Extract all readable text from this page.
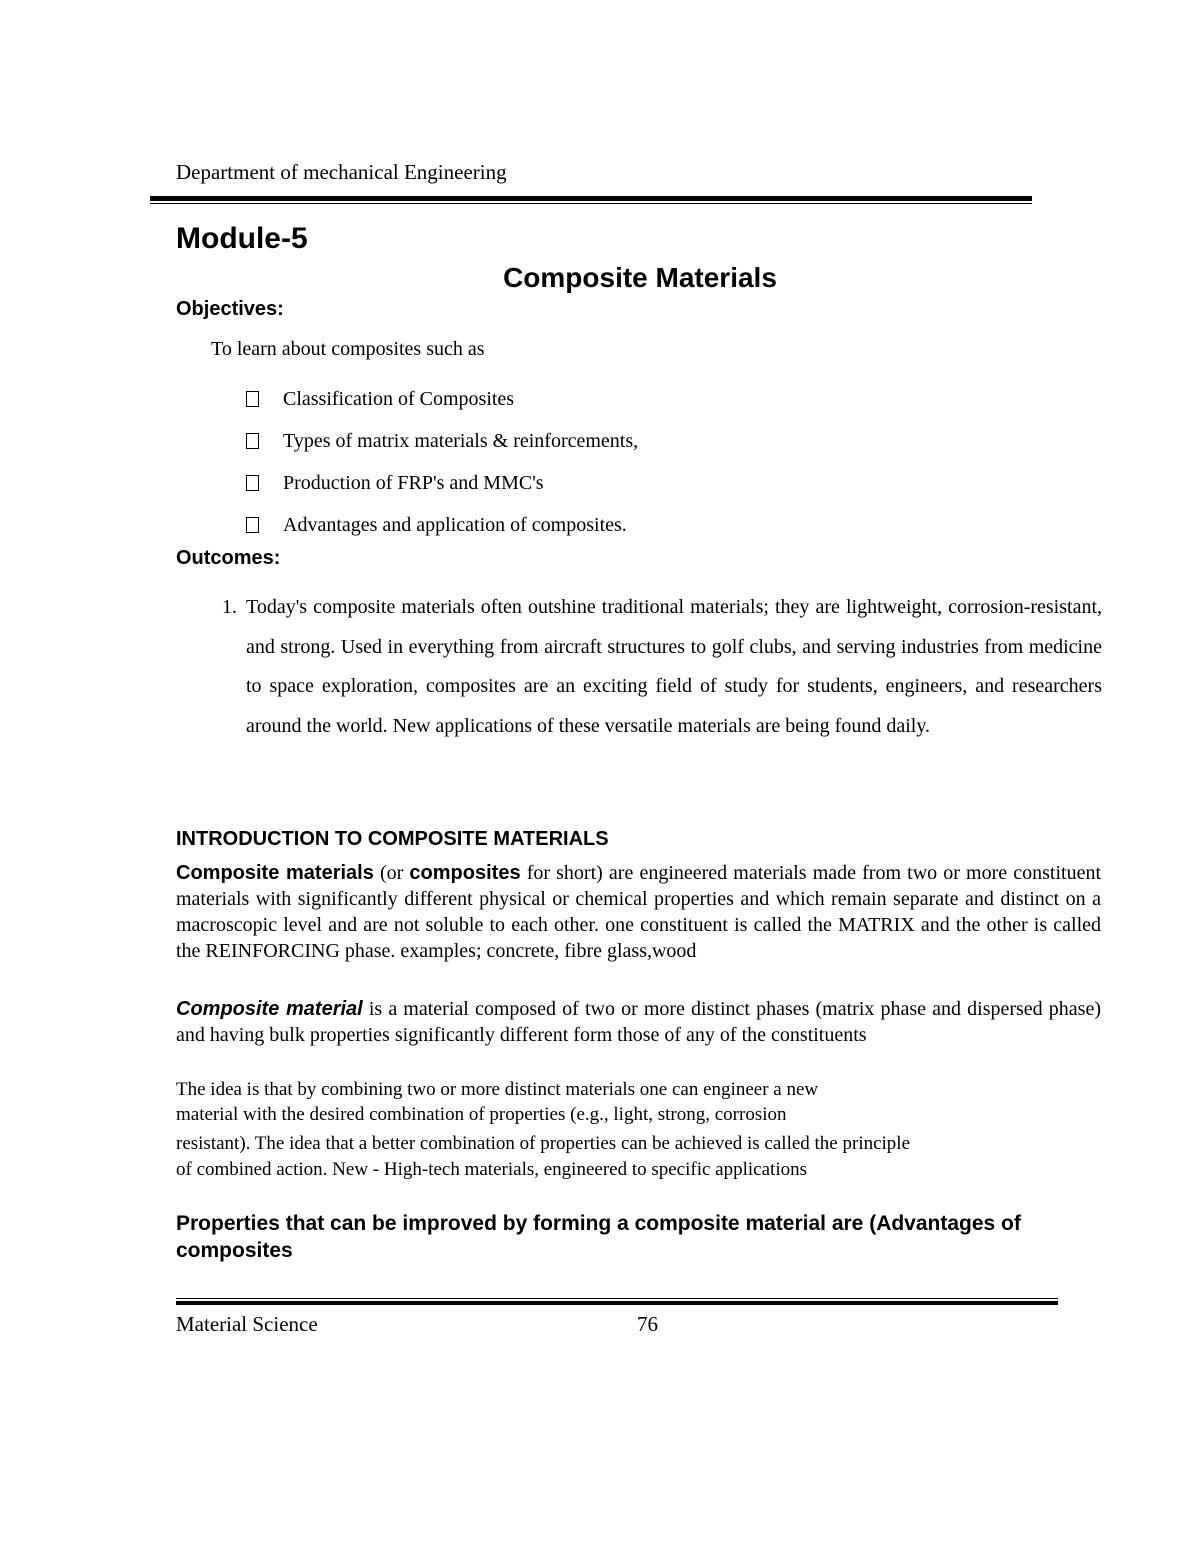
Department of mechanical Engineering

Module-5
Composite Materials
Objectives:

To learn about composites such as

Classification of Composites
Types of matrix materials & reinforcements,
Production of FRP's and MMC's
Advantages and application of composites.
Outcomes:
1. Today's composite materials often outshine traditional materials; they are lightweight, corrosion-resistant, and strong. Used in everything from aircraft structures to golf clubs, and serving industries from medicine to space exploration, composites are an exciting field of study for students, engineers, and researchers around the world. New applications of these versatile materials are being found daily.
INTRODUCTION TO COMPOSITE MATERIALS

Composite materials (or composites for short) are engineered materials made from two or more constituent materials with significantly different physical or chemical properties and which remain separate and distinct on a macroscopic level and are not soluble to each other. one constituent is called the MATRIX and the other is called the REINFORCING phase. examples; concrete, fibre glass,wood

Composite material is a material composed of two or more distinct phases (matrix phase and dispersed phase) and having bulk properties significantly different form those of any of the constituents

The idea is that by combining two or more distinct materials one can engineer a new

material with the desired combination of properties (e.g., light, strong, corrosion

resistant). The idea that a better combination of properties can be achieved is called the principle

of combined action. New - High-tech materials, engineered to specific applications

Properties that can be improved by forming a composite material are (Advantages of composites

Material Science	76
